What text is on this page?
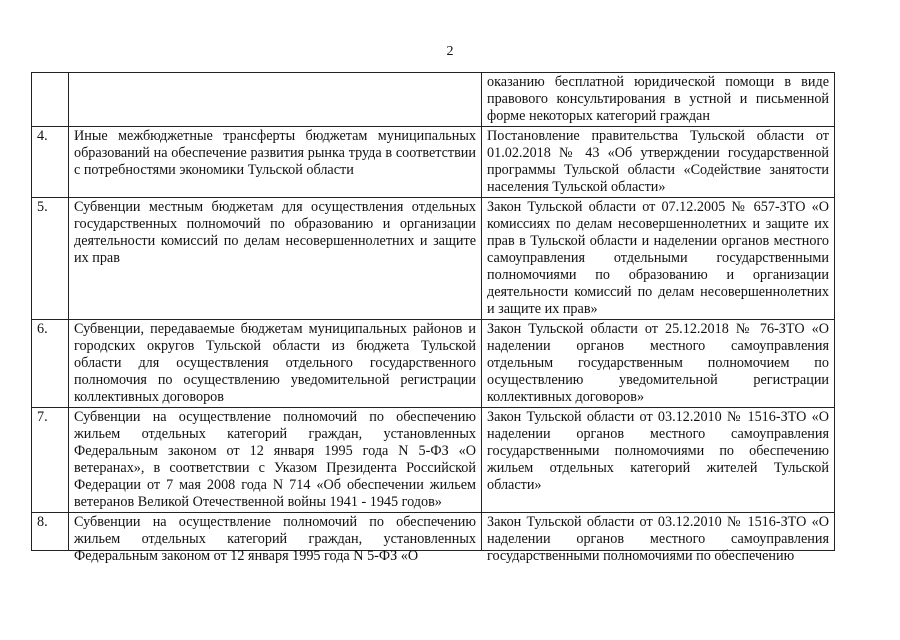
2
		оказанию бесплатной юридической помощи в виде правового консультирования в устной и письменной форме некоторых категорий граждан
4.	Иные межбюджетные трансферты бюджетам муниципальных образований на обеспечение развития рынка труда в соответствии с потребностями экономики Тульской области	Постановление правительства Тульской области от 01.02.2018 № 43 «Об утверждении государственной программы Тульской области «Содействие занятости населения Тульской области»
5.	Субвенции местным бюджетам для осуществления отдельных государственных полномочий по образованию и организации деятельности комиссий по делам несовершеннолетних и защите их прав	Закон Тульской области от 07.12.2005 № 657-ЗТО «О комиссиях по делам несовершеннолетних и защите их прав в Тульской области и наделении органов местного самоуправления отдельными государственными полномочиями по образованию и организации деятельности комиссий по делам несовершеннолетних и защите их прав»
6.	Субвенции, передаваемые бюджетам муниципальных районов и городских округов Тульской области из бюджета Тульской области для осуществления отдельного государственного полномочия по осуществлению уведомительной регистрации коллективных договоров	Закон Тульской области от 25.12.2018 № 76-ЗТО «О наделении органов местного самоуправления отдельным государственным полномочием по осуществлению уведомительной регистрации коллективных договоров»
7.	Субвенции на осуществление полномочий по обеспечению жильем отдельных категорий граждан, установленных Федеральным законом от 12 января 1995 года N 5-ФЗ «О ветеранах», в соответствии с Указом Президента Российской Федерации от 7 мая 2008 года N 714 «Об обеспечении жильем ветеранов Великой Отечественной войны 1941 - 1945 годов»	Закон Тульской области от 03.12.2010 № 1516-ЗТО «О наделении органов местного самоуправления государственными полномочиями по обеспечению жильем отдельных категорий жителей Тульской области»

8.	Субвенции на осуществление полномочий по обеспечению жильем отдельных категорий граждан, установленных Федеральным законом от 12 января 1995 года N 5-ФЗ «О	Закон Тульской области от 03.12.2010 № 1516-ЗТО «О наделении органов местного самоуправления государственными полномочиями по обеспечению
